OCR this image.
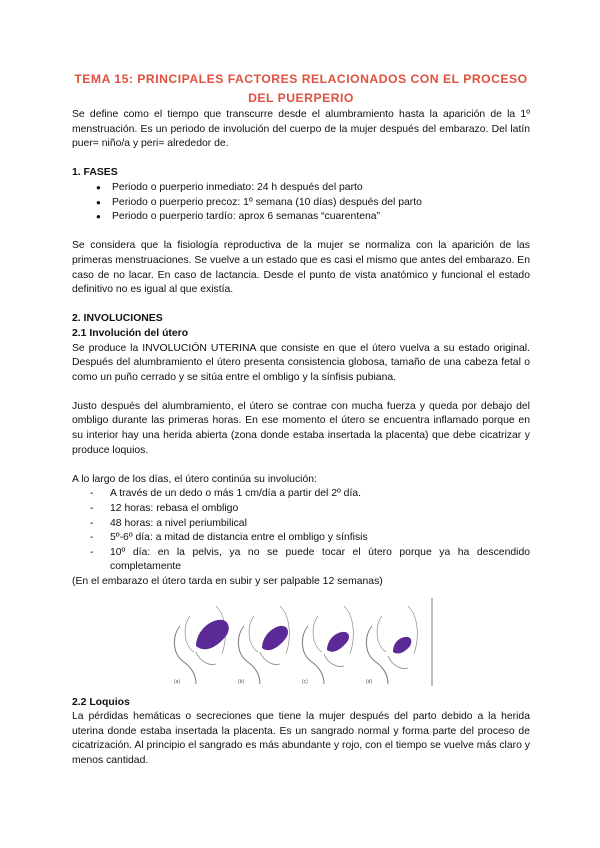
TEMA 15: PRINCIPALES FACTORES RELACIONADOS CON EL PROCESO DEL PUERPERIO

Se define como el tiempo que transcurre desde el alumbramiento hasta la aparición de la 1º menstruación. Es un periodo de involución del cuerpo de la mujer después del embarazo. Del latín puer= niño/a y peri= alrededor de.

1. FASES
● Periodo o puerperio inmediato: 24 h después del parto
● Periodo o puerperio precoz: 1º semana (10 días) después del parto
● Periodo o puerperio tardío: aprox 6 semanas “cuarentena”

Se considera que la fisiología reproductiva de la mujer se normaliza con la aparición de las primeras menstruaciones. Se vuelve a un estado que es casi el mismo que antes del embarazo. En caso de no lacar. En caso de lactancia. Desde el punto de vista anatómico y funcional el estado definitivo no es igual al que existía.

2. INVOLUCIONES
2.1 Involución del útero

Se produce la INVOLUCIÓN UTERINA que consiste en que el útero vuelva a su estado original. Después del alumbramiento el útero presenta consistencia globosa, tamaño de una cabeza fetal o como un puño cerrado y se sitúa entre el ombligo y la sínfisis pubiana.

Justo después del alumbramiento, el útero se contrae con mucha fuerza y queda por debajo del ombligo durante las primeras horas. En ese momento el útero se encuentra inflamado porque en su interior hay una herida abierta (zona donde estaba insertada la placenta) que debe cicatrizar y produce loquios.

A lo largo de los días, el útero continúa su involución:

- A través de un dedo o más 1 cm/día a partir del 2º día.
- 12 horas: rebasa el ombligo
- 48 horas: a nivel periumbilical
- 5º-6º día: a mitad de distancia entre el ombligo y sínfisis
- 10º día: en la pelvis, ya no se puede tocar el útero porque ya ha descendido completamente

(En el embarazo el útero tarda en subir y ser palpable 12 semanas)

(a)	(b)	(c)	(d)
2.2 Loquios

La pérdidas hemáticas o secreciones que tiene la mujer después del parto debido a la herida uterina donde estaba insertada la placenta. Es un sangrado normal y forma parte del proceso de cicatrización. Al principio el sangrado es más abundante y rojo, con el tiempo se vuelve más claro y menos cantidad.
